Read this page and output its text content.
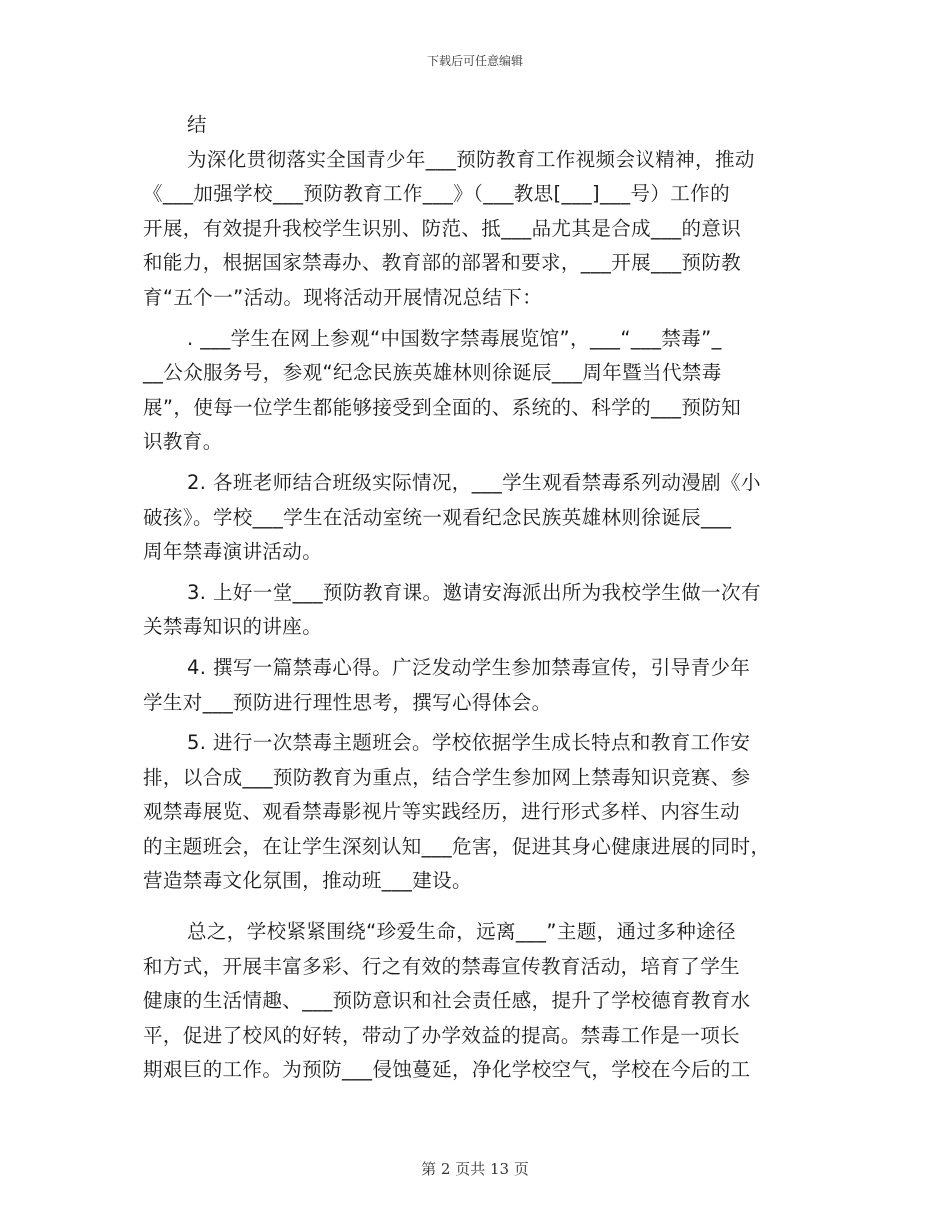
下载后可任意编辑
结
为深化贯彻落实全国青少年___预防教育工作视频会议精神，推动
《___加强学校___预防教育工作___》（___教思[___]___号）工作的
开展，有效提升我校学生识别、防范、抵___品尤其是合成___的意识
和能力，根据国家禁毒办、教育部的部署和要求，___开展___预防教
育“五个一”活动。现将活动开展情况总结下：
. ___学生在网上参观“中国数字禁毒展览馆”，___“___禁毒”_
__公众服务号，参观“纪念民族英雄林则徐诞辰___周年暨当代禁毒
展”，使每一位学生都能够接受到全面的、系统的、科学的___预防知
识教育。
2. 各班老师结合班级实际情况，___学生观看禁毒系列动漫剧《小
破孩》。学校___学生在活动室统一观看纪念民族英雄林则徐诞辰___
周年禁毒演讲活动。
3. 上好一堂___预防教育课。邀请安海派出所为我校学生做一次有
关禁毒知识的讲座。
4. 撰写一篇禁毒心得。广泛发动学生参加禁毒宣传，引导青少年
学生对___预防进行理性思考，撰写心得体会。
5. 进行一次禁毒主题班会。学校依据学生成长特点和教育工作安
排，以合成___预防教育为重点，结合学生参加网上禁毒知识竞赛、参
观禁毒展览、观看禁毒影视片等实践经历，进行形式多样、内容生动
的主题班会，在让学生深刻认知___危害，促进其身心健康进展的同时，
营造禁毒文化氛围，推动班___建设。
总之，学校紧紧围绕“珍爱生命，远离___”主题，通过多种途径
和方式，开展丰富多彩、行之有效的禁毒宣传教育活动，培育了学生
健康的生活情趣、___预防意识和社会责任感，提升了学校德育教育水
平，促进了校风的好转，带动了办学效益的提高。禁毒工作是一项长
期艰巨的工作。为预防___侵蚀蔓延，净化学校空气，学校在今后的工
第 2 页共 13 页
